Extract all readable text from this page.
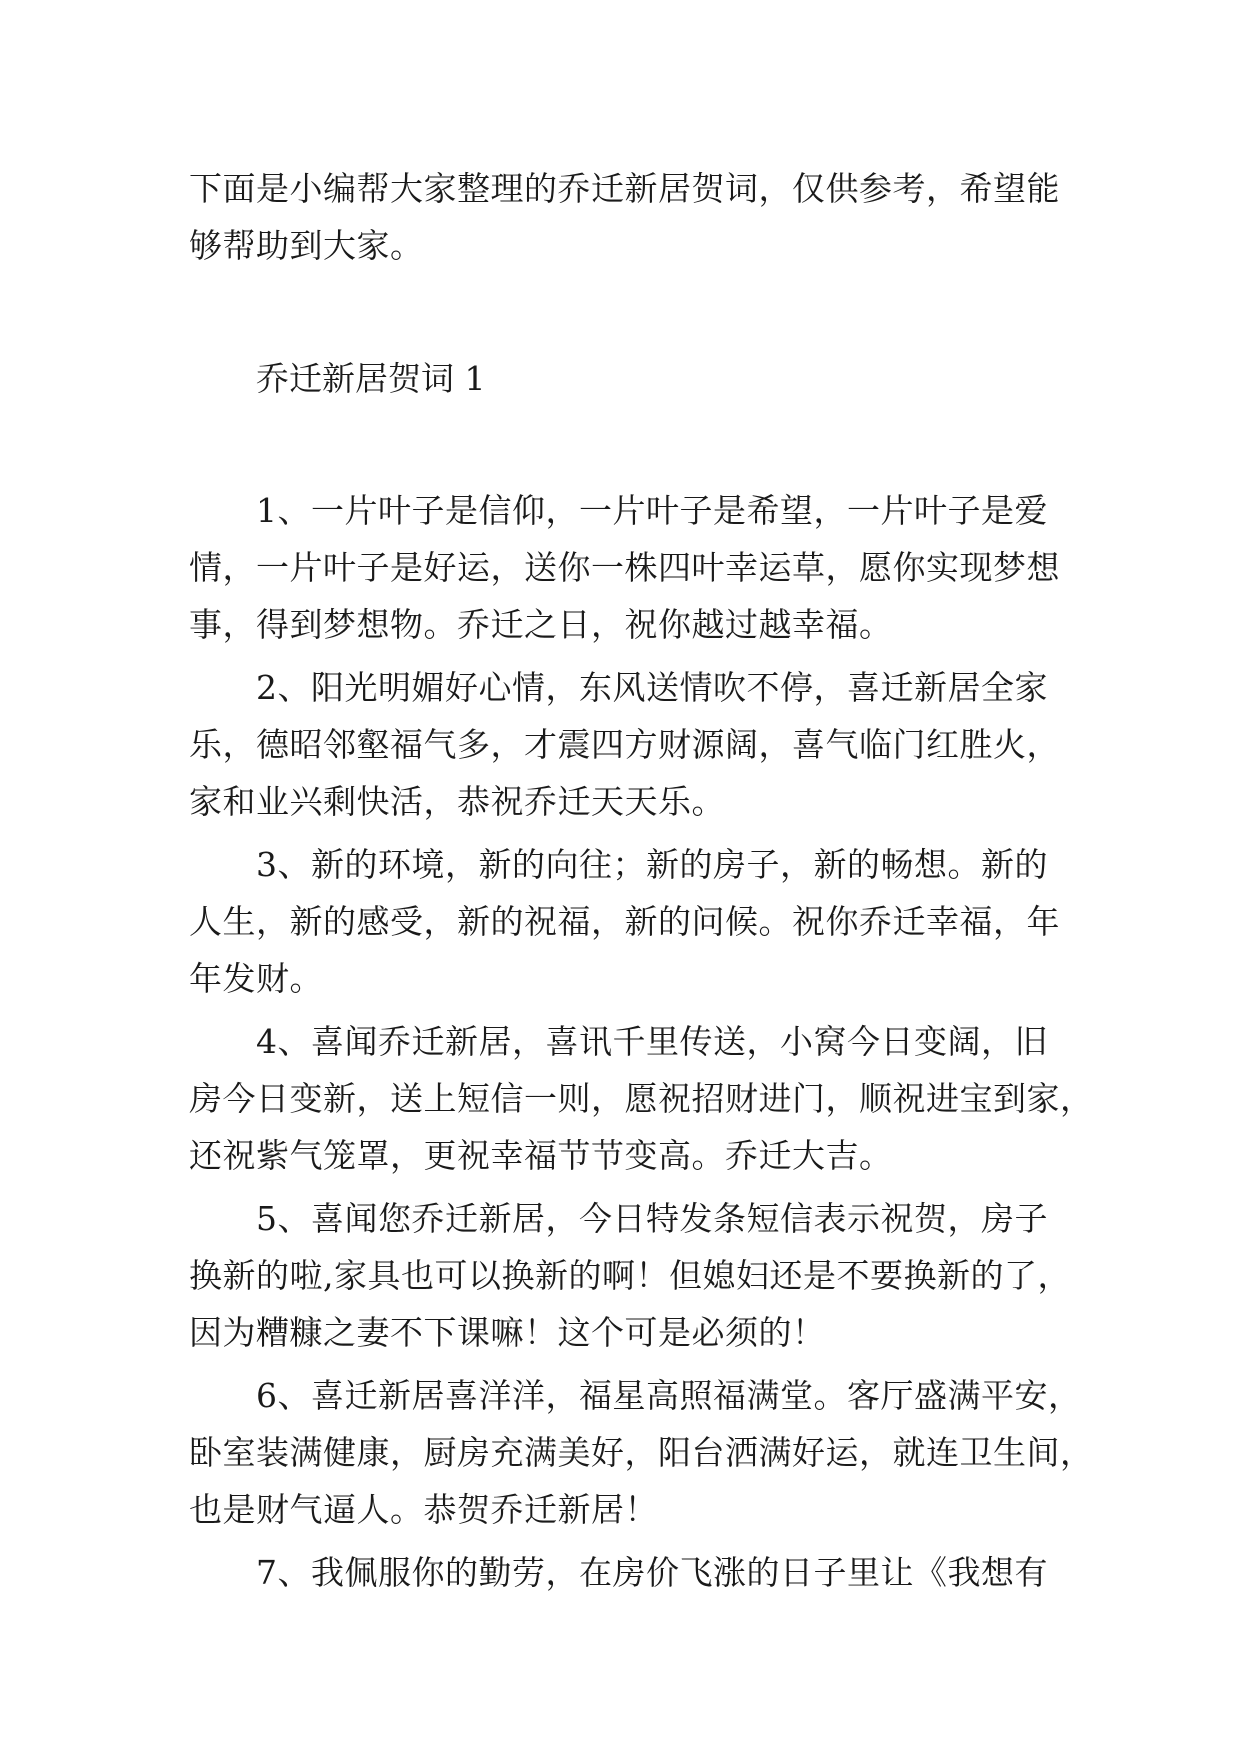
下面是小编帮大家整理的乔迁新居贺词，仅供参考，希望能
够帮助到大家。
乔迁新居贺词 1
1、一片叶子是信仰，一片叶子是希望，一片叶子是爱
情，一片叶子是好运，送你一株四叶幸运草，愿你实现梦想
事，得到梦想物。乔迁之日，祝你越过越幸福。
2、阳光明媚好心情，东风送情吹不停，喜迁新居全家
乐，德昭邻壑福气多，才震四方财源阔，喜气临门红胜火，
家和业兴剩快活，恭祝乔迁天天乐。
3、新的环境，新的向往；新的房子，新的畅想。新的
人生，新的感受，新的祝福，新的问候。祝你乔迁幸福，年
年发财。
4、喜闻乔迁新居，喜讯千里传送，小窝今日变阔，旧
房今日变新，送上短信一则，愿祝招财进门，顺祝进宝到家，
还祝紫气笼罩，更祝幸福节节变高。乔迁大吉。
5、喜闻您乔迁新居，今日特发条短信表示祝贺，房子
换新的啦,家具也可以换新的啊！但媳妇还是不要换新的了，
因为糟糠之妻不下课嘛！这个可是必须的！
6、喜迁新居喜洋洋，福星高照福满堂。客厅盛满平安，
卧室装满健康，厨房充满美好，阳台洒满好运，就连卫生间，
也是财气逼人。恭贺乔迁新居！
7、我佩服你的勤劳，在房价飞涨的日子里让《我想有
